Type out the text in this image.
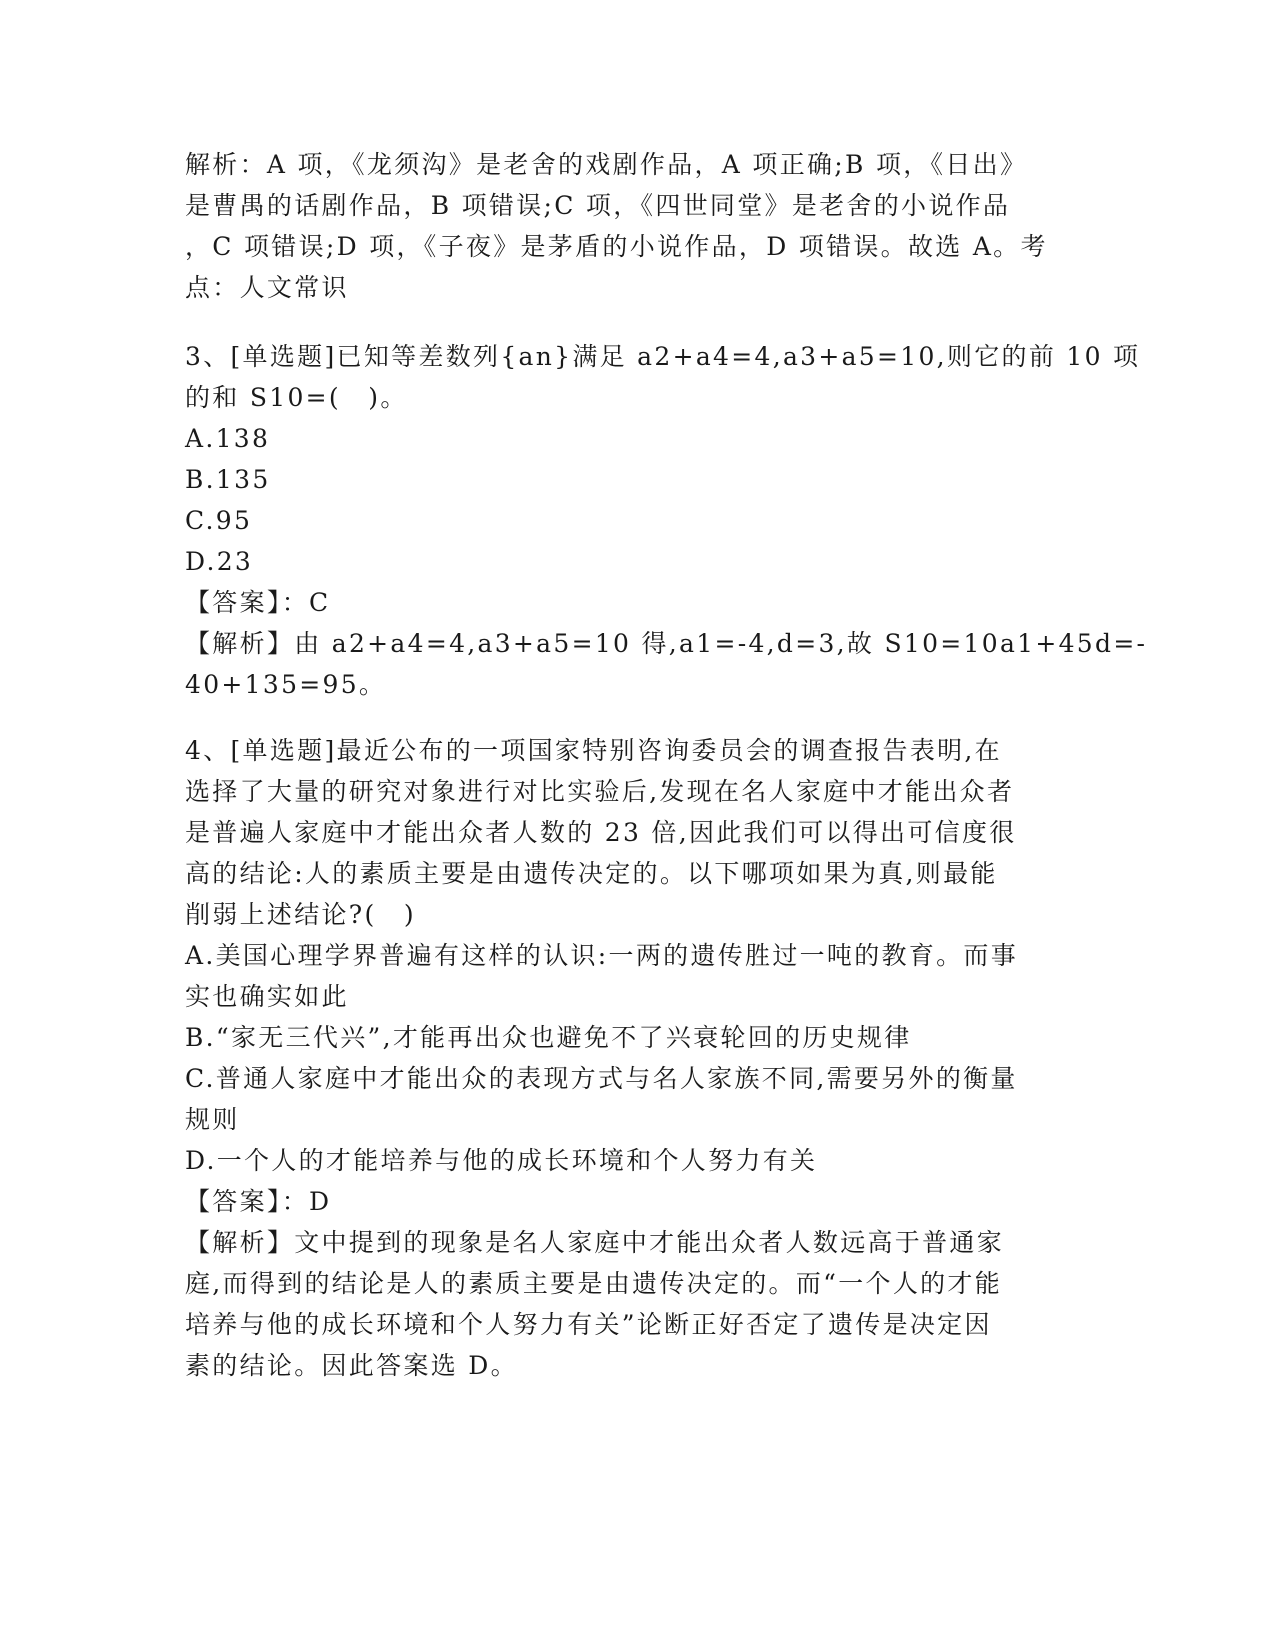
解析：A 项，《龙须沟》是老舍的戏剧作品，A 项正确;B 项，《日出》
是曹禺的话剧作品，B 项错误;C 项，《四世同堂》是老舍的小说作品
，C 项错误;D 项，《子夜》是茅盾的小说作品，D 项错误。故选 A。考
点：人文常识
3、[单选题]已知等差数列{an}满足 a2+a4=4,a3+a5=10,则它的前 10 项
的和 S10=(　)。
A.138
B.135
C.95
D.23
【答案】：C
【解析】由 a2+a4=4,a3+a5=10 得,a1=-4,d=3,故 S10=10a1+45d=-
40+135=95。
4、[单选题]最近公布的一项国家特别咨询委员会的调查报告表明,在
选择了大量的研究对象进行对比实验后,发现在名人家庭中才能出众者
是普遍人家庭中才能出众者人数的 23 倍,因此我们可以得出可信度很
高的结论:人的素质主要是由遗传决定的。以下哪项如果为真,则最能
削弱上述结论?(　)
A.美国心理学界普遍有这样的认识:一两的遗传胜过一吨的教育。而事
实也确实如此
B.“家无三代兴”,才能再出众也避免不了兴衰轮回的历史规律
C.普通人家庭中才能出众的表现方式与名人家族不同,需要另外的衡量
规则
D.一个人的才能培养与他的成长环境和个人努力有关
【答案】：D
【解析】文中提到的现象是名人家庭中才能出众者人数远高于普通家
庭,而得到的结论是人的素质主要是由遗传决定的。而“一个人的才能
培养与他的成长环境和个人努力有关”论断正好否定了遗传是决定因
素的结论。因此答案选 D。
